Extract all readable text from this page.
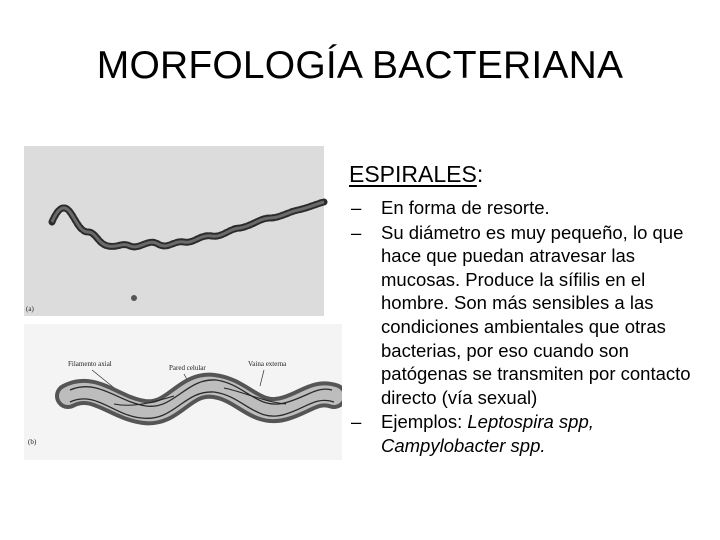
MORFOLOGÍA BACTERIANA
(a)
Filamento axial	Pared celular	Vaina externa
(b)
ESPIRALES:
– En forma de resorte.
– Su diámetro es muy pequeño, lo que hace que puedan atravesar las mucosas. Produce la sífilis en el hombre. Son más sensibles a las condiciones ambientales que otras bacterias, por eso cuando son patógenas se transmiten por contacto directo (vía sexual)
– Ejemplos: Leptospira spp, Campylobacter spp.
